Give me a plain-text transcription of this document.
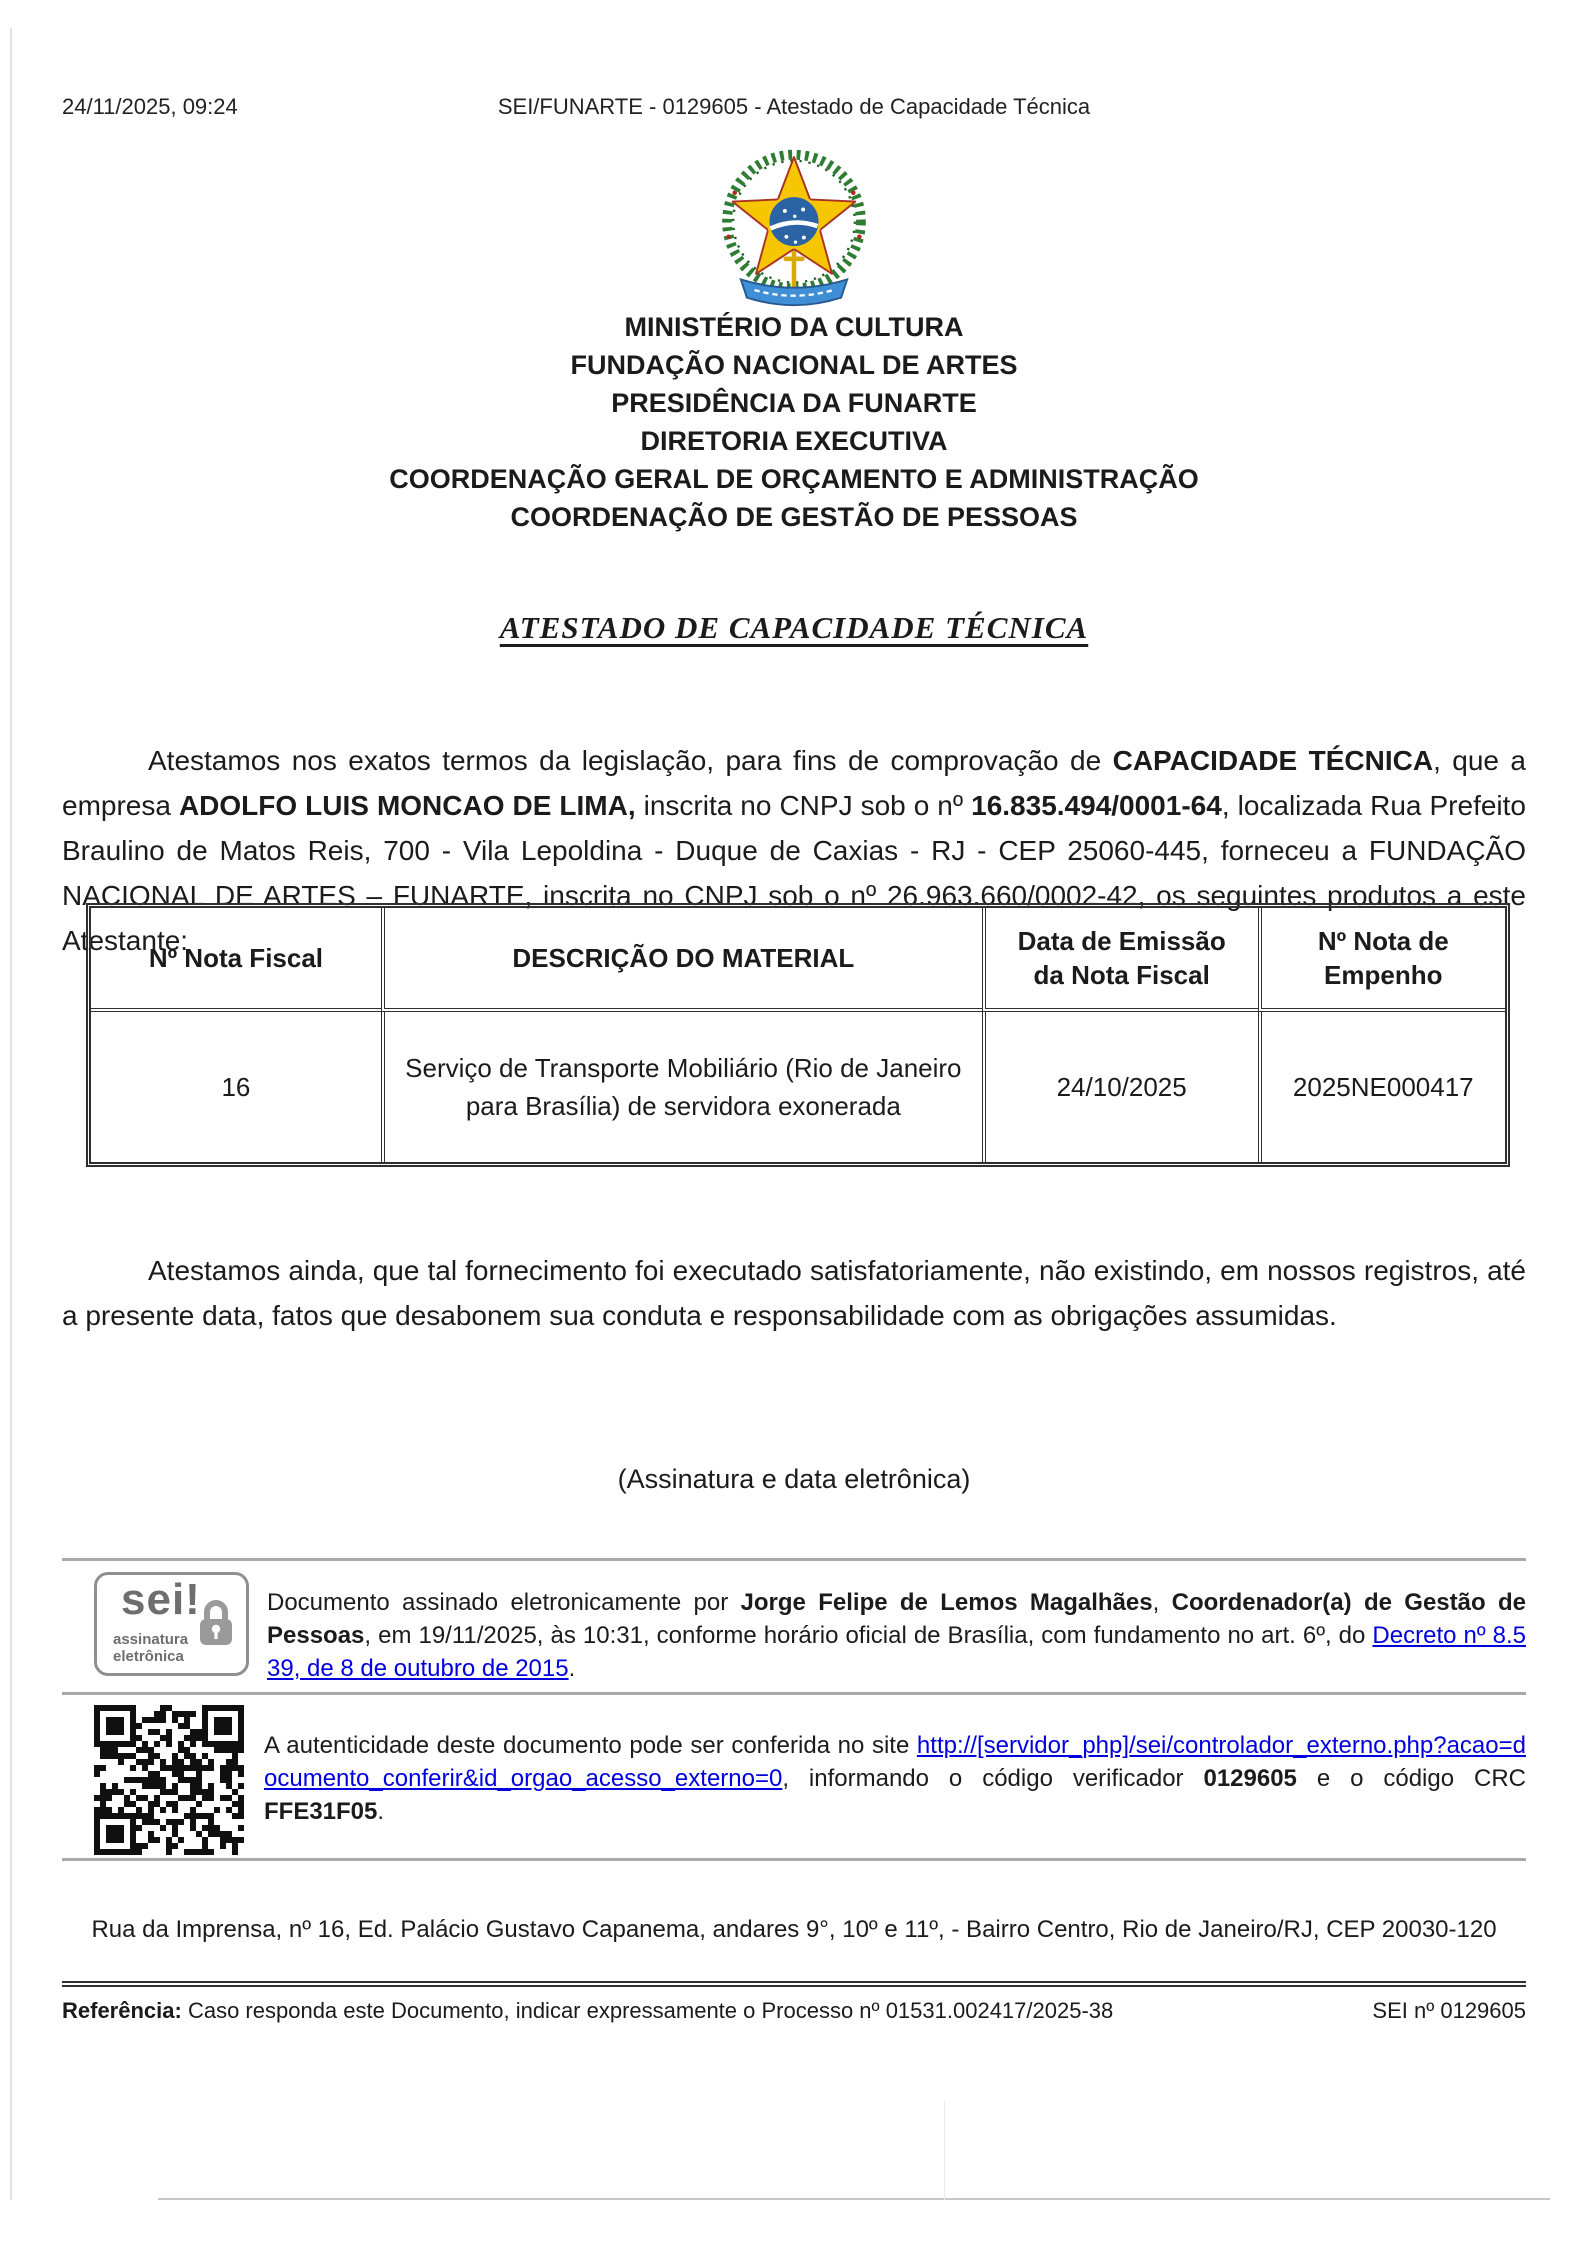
24/11/2025, 09:24	SEI/FUNARTE - 0129605 - Atestado de Capacidade Técnica
MINISTÉRIO DA CULTURA
FUNDAÇÃO NACIONAL DE ARTES
PRESIDÊNCIA DA FUNARTE
DIRETORIA EXECUTIVA
COORDENAÇÃO GERAL DE ORÇAMENTO E ADMINISTRAÇÃO
COORDENAÇÃO DE GESTÃO DE PESSOAS
ATESTADO DE CAPACIDADE TÉCNICA

Atestamos nos exatos termos da legislação, para fins de comprovação de CAPACIDADE TÉCNICA, que a empresa ADOLFO LUIS MONCAO DE LIMA, inscrita no CNPJ sob o nº 16.835.494/0001-64, localizada Rua Prefeito Braulino de Matos Reis, 700 - Vila Lepoldina - Duque de Caxias - RJ - CEP 25060-445, forneceu a FUNDAÇÃO NACIONAL DE ARTES – FUNARTE, inscrita no CNPJ sob o nº 26.963.660/0002-42, os seguintes produtos a este Atestante:

Nº Nota Fiscal	DESCRIÇÃO DO MATERIAL	Data de Emissão da Nota Fiscal	Nº Nota de Empenho
16	Serviço de Transporte Mobiliário (Rio de Janeiro para Brasília) de servidora exonerada	24/10/2025	2025NE000417

Atestamos ainda, que tal fornecimento foi executado satisfatoriamente, não existindo, em nossos registros, até a presente data, fatos que desabonem sua conduta e responsabilidade com as obrigações assumidas.

(Assinatura e data eletrônica)
sei!
assinatura
eletrônica
Documento assinado eletronicamente por Jorge Felipe de Lemos Magalhães, Coordenador(a) de Gestão de Pessoas, em 19/11/2025, às 10:31, conforme horário oficial de Brasília, com fundamento no art. 6º, do Decreto nº 8.539, de 8 de outubro de 2015.
A autenticidade deste documento pode ser conferida no site http://[servidor_php]/sei/controlador_externo.php?acao=documento_conferir&id_orgao_acesso_externo=0, informando o código verificador 0129605 e o código CRC FFE31F05.
Rua da Imprensa, nº 16, Ed. Palácio Gustavo Capanema, andares 9°, 10º e 11º, - Bairro Centro, Rio de Janeiro/RJ, CEP 20030-120
Referência: Caso responda este Documento, indicar expressamente o Processo nº 01531.002417/2025-38	SEI nº 0129605
